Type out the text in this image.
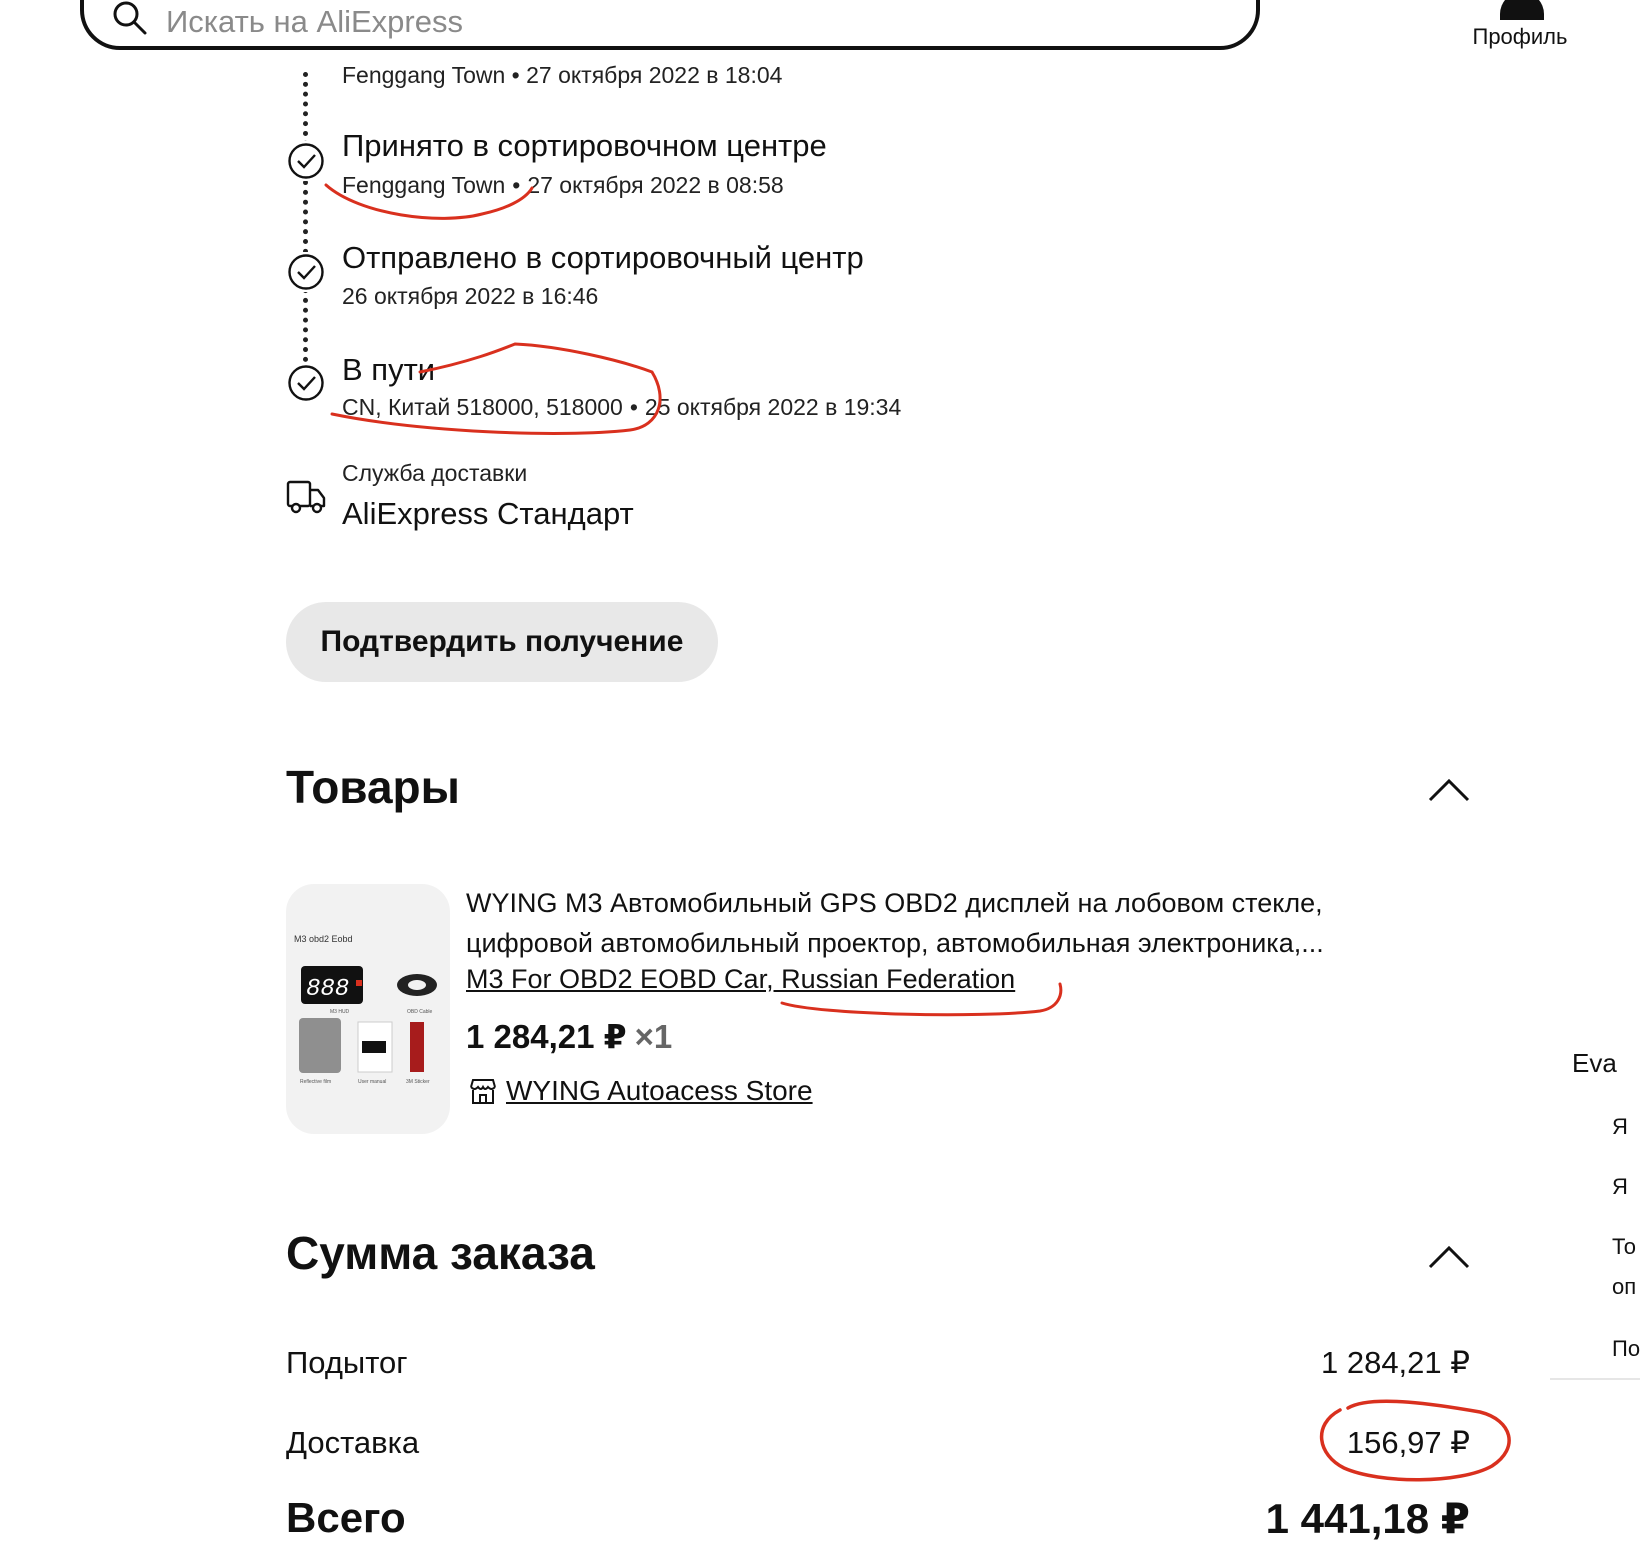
Искать на AliExpress	Профиль
Fenggang Town • 27 октября 2022 в 18:04
Принято в сортировочном центре
Fenggang Town • 27 октября 2022 в 08:58
Отправлено в сортировочный центр
26 октября 2022 в 16:46
В пути
CN, Китай 518000, 518000 • 25 октября 2022 в 19:34
Служба доставки
AliExpress Стандарт
Подтвердить получение
Товары
M3 obd2 Eobd
888
M3 HUD	OBD Cable
Reflective film	User manual	3M Sticker
WYING M3 Автомобильный GPS OBD2 дисплей на лобовом стекле, цифровой автомобильный проектор, автомобильная электроника,...
M3 For OBD2 EOBD Car, Russian Federation
1 284,21 ₽ ×1
WYING Autoacess Store
Сумма заказа
Подытог	1 284,21 ₽
Доставка	156,97 ₽
Всего	1 441,18 ₽
Eva
Я
Я
То
оп
По
